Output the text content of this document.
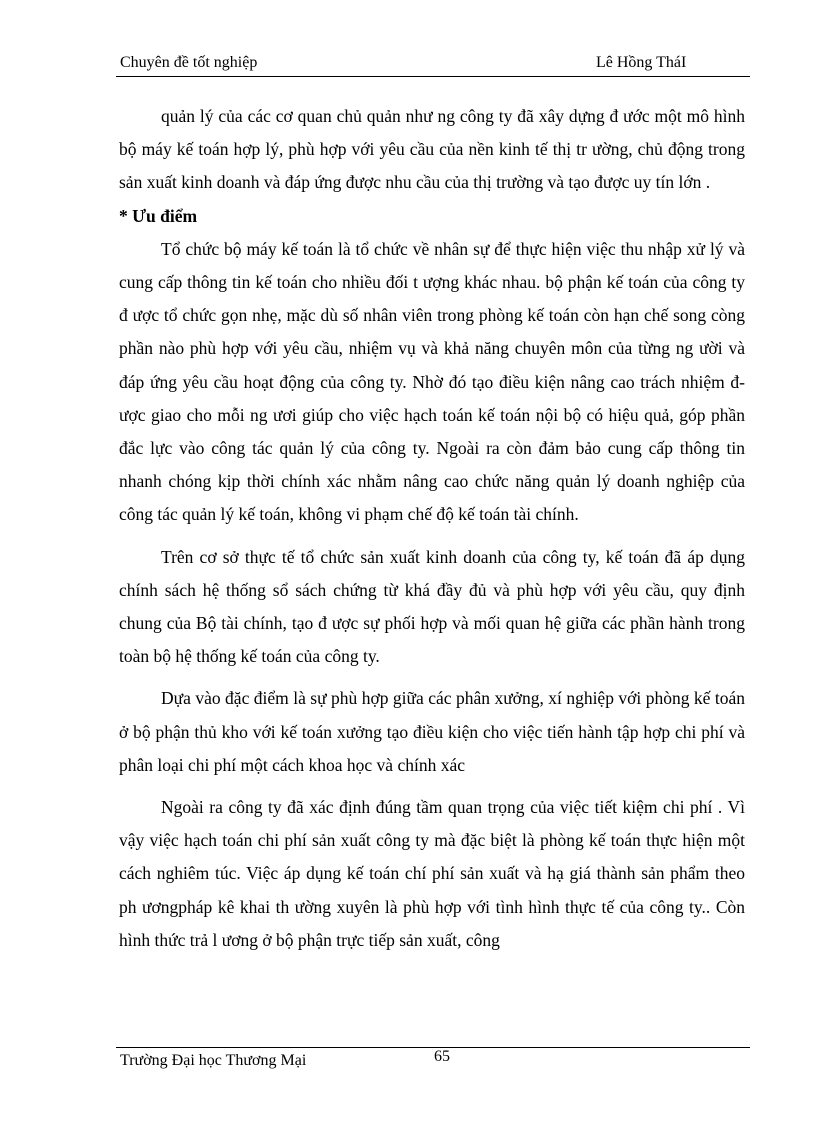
Chuyên đề tốt nghiệp	Lê Hồng TháI

quản lý của các cơ quan chủ quản như ng công ty đã xây dựng đ ước một mô hình bộ máy kế toán hợp lý, phù hợp với yêu cầu của nền kinh tế thị tr ường, chủ động trong sản xuất kinh doanh và đáp ứng được nhu cầu của thị trường và tạo được uy tín lớn .

* Ưu điểm

Tổ chức bộ máy kế toán là tổ chức về nhân sự để thực hiện việc thu nhập xử lý và cung cấp thông tin kế toán cho nhiều đối t ượng khác nhau. bộ phận kế toán của công ty đ ược tổ chức gọn nhẹ, mặc dù số nhân viên trong phòng kế toán còn hạn chế song còng phần nào phù hợp với yêu cầu, nhiệm vụ và khả năng chuyên môn của từng ng ười và đáp ứng yêu cầu hoạt động của công ty. Nhờ đó tạo điều kiện nâng cao trách nhiệm đ ược giao cho mỗi ng ươi giúp cho việc hạch toán kế toán nội bộ có hiệu quả, góp phần đắc lực vào công tác quản lý của công ty. Ngoài ra còn đảm bảo cung cấp thông tin nhanh chóng kịp thời chính xác nhằm nâng cao chức năng quản lý doanh nghiệp của công tác quản lý kế toán, không vi phạm chế độ kế toán tài chính.

Trên cơ sở thực tế tổ chức sản xuất kinh doanh của công ty, kế toán đã áp dụng chính sách hệ thống sổ sách chứng từ khá đầy đủ và phù hợp với yêu cầu, quy định chung của Bộ tài chính, tạo đ ược sự phối hợp và mối quan hệ giữa các phần hành trong toàn bộ hệ thống kế toán của công ty.

Dựa vào đặc điểm là sự phù hợp giữa các phân xưởng, xí nghiệp với phòng kế toán ở bộ phận thủ kho với kế toán xưởng tạo điều kiện cho việc tiến hành tập hợp chi phí và phân loại chi phí một cách khoa học và chính xác

Ngoài ra công ty đã xác định đúng tầm quan trọng của việc tiết kiệm chi phí . Vì vậy việc hạch toán chi phí sản xuất công ty mà đặc biệt là phòng kế toán thực hiện một cách nghiêm túc. Việc áp dụng kế toán chí phí sản xuất và hạ giá thành sản phẩm theo ph ươngpháp kê khai th ường xuyên là phù hợp với tình hình thực tế của công ty.. Còn hình thức trả l ương ở bộ phận trực tiếp sản xuất, công

Trường Đại học Thương Mại	65
